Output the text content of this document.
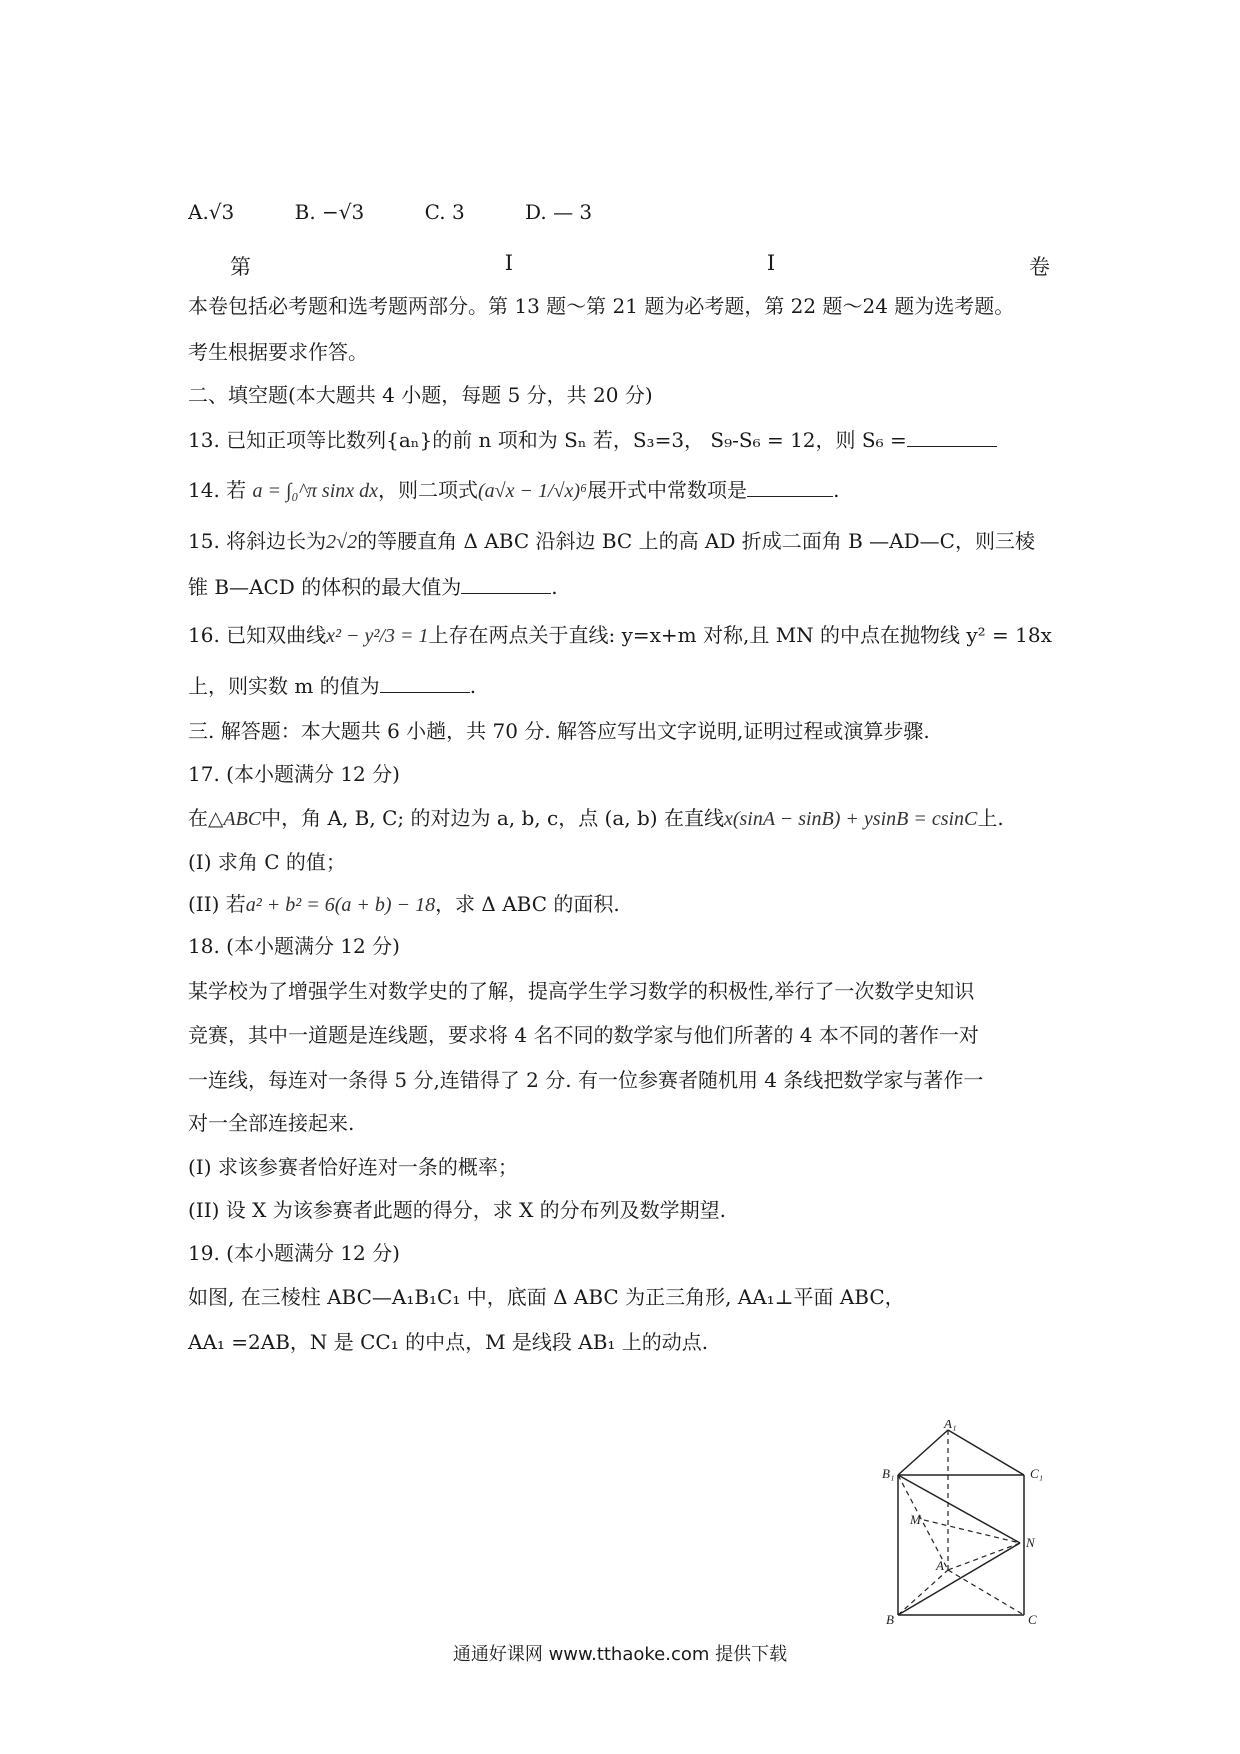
A.√3	B. −√3	C. 3	D. — 3
第	I	I	卷
本卷包括必考题和选考题两部分。第 13 题～第 21 题为必考题，第 22 题～24 题为选考题。
考生根据要求作答。
二、填空题(本大题共 4 小题，每题 5 分，共 20 分)
13. 已知正项等比数列{aₙ}的前 n 项和为 Sₙ 若，S₃=3， S₉-S₆ = 12，则 S₆ =
14. 若 a = ∫₀^π sinx dx，则二项式(a√x − 1/√x)⁶展开式中常数项是	.
15. 将斜边长为2√2的等腰直角 Δ ABC 沿斜边 BC 上的高 AD 折成二面角 B —AD—C，则三棱
锥 B—ACD 的体积的最大值为	.
16. 已知双曲线x² − y²/3 = 1上存在两点关于直线: y=x+m 对称,且 MN 的中点在抛物线 y² = 18x
上，则实数 m 的值为	.
三. 解答题：本大题共 6 小趟，共 70 分. 解答应写出文字说明,证明过程或演算步骤.
17. (本小题满分 12 分)
在△ABC中，角 A, B, C; 的对边为 a, b, c，点 (a, b) 在直线x(sinA − sinB) + ysinB = csinC上.
(I) 求角 C 的值；
(II) 若a² + b² = 6(a + b) − 18，求 Δ ABC 的面积.
18. (本小题满分 12 分)
某学校为了增强学生对数学史的了解，提高学生学习数学的积极性,举行了一次数学史知识
竞赛，其中一道题是连线题，要求将 4 名不同的数学家与他们所著的 4 本不同的著作一对
一连线，每连对一条得 5 分,连错得了 2 分. 有一位参赛者随机用 4 条线把数学家与著作一
对一全部连接起来.
(I) 求该参赛者恰好连对一条的概率；
(II) 设 X 为该参赛者此题的得分，求 X 的分布列及数学期望.
19. (本小题满分 12 分)
如图, 在三棱柱 ABC—A₁B₁C₁ 中，底面 Δ ABC 为正三角形, AA₁⊥平面 ABC，
AA₁ =2AB，N 是 CC₁ 的中点，M 是线段 AB₁ 上的动点.
A₁
B₁	C₁
M
N
A
B	C
通通好课网 www.tthaoke.com 提供下载
